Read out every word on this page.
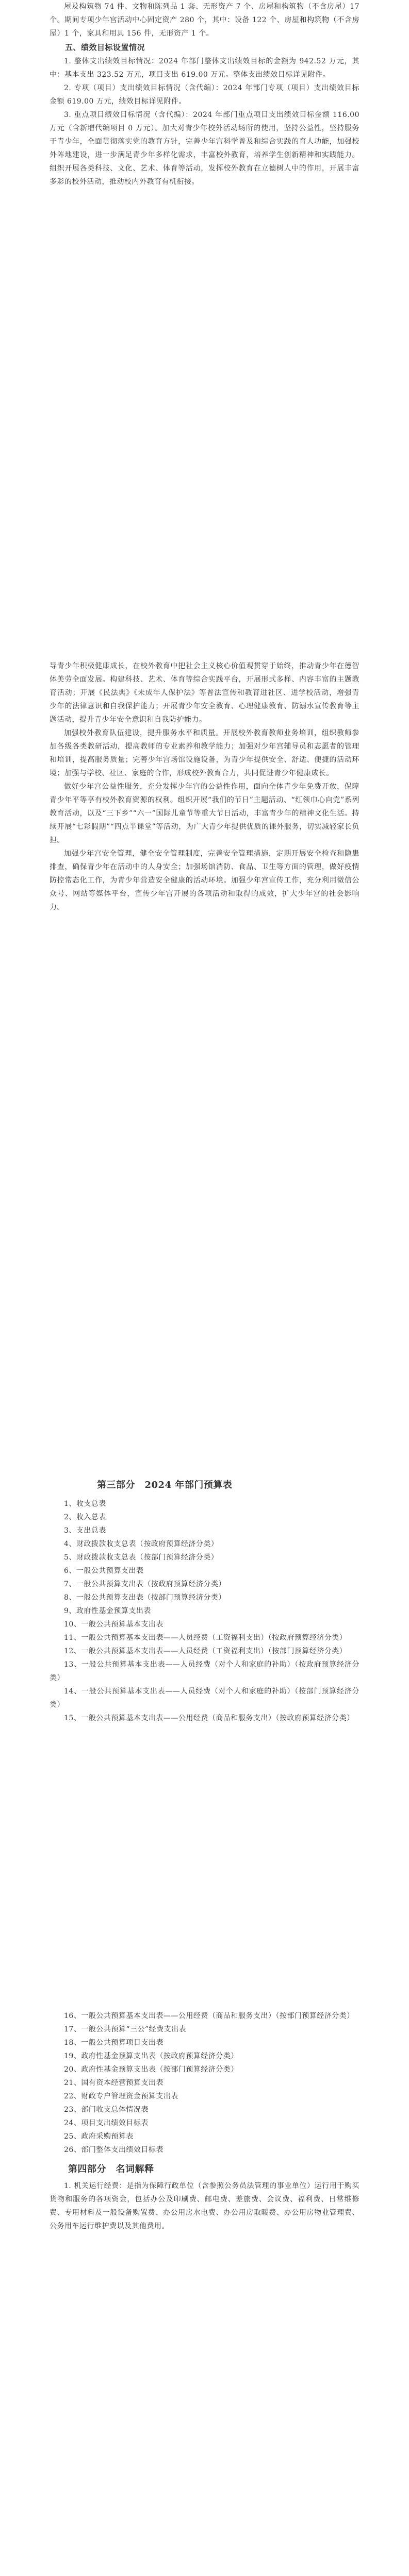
屋及构筑物 74 件、文物和陈列品 1 套、无形资产 7 个、房屋和构筑物（不含房屋）17 个。期间专项少年宫活动中心固定资产 280 个，其中：设备 122 个、房屋和构筑物（不含房屋）1 个，家具和用具 156 件，无形资产 1 个。

五、绩效目标设置情况

1. 整体支出绩效目标情况：2024 年部门整体支出绩效目标的金额为 942.52 万元，其中：基本支出 323.52 万元，项目支出 619.00 万元。整体支出绩效目标详见附件。

2. 专项（项目）支出绩效目标情况（含代编）：2024 年部门专项（项目）支出绩效目标金额 619.00 万元，绩效目标详见附件。

3. 重点项目绩效目标情况（含代编）：2024 年部门重点项目支出绩效目标金额 116.00 万元（含新增代编项目 0 万元）。加大对青少年校外活动场所的使用，坚持公益性，坚持服务于青少年，全面贯彻落实党的教育方针，完善少年宫科学普及和综合实践的育人功能，加强校外阵地建设，进一步满足青少年多样化需求，丰富校外教育，培养学生创新精神和实践能力。组织开展各类科技、文化、艺术、体育等活动，发挥校外教育在立德树人中的作用，开展丰富多彩的校外活动，推动校内外教育有机衔接。

导青少年积极健康成长，在校外教育中把社会主义核心价值观贯穿于始终，推动青少年在德智体美劳全面发展。构建科技、艺术、体育等综合实践平台，开展形式多样、内容丰富的主题教育活动；开展《民法典》《未成年人保护法》等普法宣传和教育进社区、进学校活动，增强青少年的法律意识和自我保护能力；开展青少年安全教育、心理健康教育、防溺水宣传教育等主题活动，提升青少年安全意识和自我防护能力。

加强校外教育队伍建设，提升服务水平和质量。开展校外教育教师业务培训，组织教师参加各级各类教研活动，提高教师的专业素养和教学能力；加强对少年宫辅导员和志愿者的管理和培训，提高服务质量；完善少年宫场馆设施设备，为青少年提供安全、舒适、便捷的活动环境；加强与学校、社区、家庭的合作，形成校外教育合力，共同促进青少年健康成长。

做好少年宫公益性服务，充分发挥少年宫的公益性作用，面向全体青少年免费开放，保障青少年平等享有校外教育资源的权利。组织开展“我们的节日”主题活动、“红领巾心向党”系列教育活动，以及“三下乡”“六一”国际儿童节等重大节日活动，丰富青少年的精神文化生活。持续开展“七彩假期”“四点半课堂”等活动，为广大青少年提供优质的课外服务，切实减轻家长负担。

加强少年宫安全管理，健全安全管理制度，完善安全管理措施，定期开展安全检查和隐患排查，确保青少年在活动中的人身安全；加强场馆消防、食品、卫生等方面的管理，做好疫情防控常态化工作，为青少年营造安全健康的活动环境。加强少年宫宣传工作，充分利用微信公众号、网站等媒体平台，宣传少年宫开展的各项活动和取得的成效，扩大少年宫的社会影响力。

第三部分　2024 年部门预算表

1、收支总表

2、收入总表

3、支出总表

4、财政拨款收支总表（按政府预算经济分类）

5、财政拨款收支总表（按部门预算经济分类）

6、一般公共预算支出表

7、一般公共预算支出表（按政府预算经济分类）

8、一般公共预算支出表（按部门预算经济分类）

9、政府性基金预算支出表

10、一般公共预算基本支出表

11、一般公共预算基本支出表——人员经费（工资福利支出）（按政府预算经济分类）

12、一般公共预算基本支出表——人员经费（工资福利支出）（按部门预算经济分类）

13、一般公共预算基本支出表——人员经费（对个人和家庭的补助）（按政府预算经济分类）

14、一般公共预算基本支出表——人员经费（对个人和家庭的补助）（按部门预算经济分类）

15、一般公共预算基本支出表——公用经费（商品和服务支出）（按政府预算经济分类）

16、一般公共预算基本支出表——公用经费（商品和服务支出）（按部门预算经济分类）

17、一般公共预算“三公”经费支出表

18、一般公共预算项目支出表

19、政府性基金预算支出表（按政府预算经济分类）

20、政府性基金预算支出表（按部门预算经济分类）

21、国有资本经营预算支出表

22、财政专户管理资金预算支出表

23、部门收支总体情况表

24、项目支出绩效目标表

25、政府采购预算表

26、部门整体支出绩效目标表

第四部分　名词解释

1. 机关运行经费：是指为保障行政单位（含参照公务员法管理的事业单位）运行用于购买货物和服务的各项资金，包括办公及印刷费、邮电费、差旅费、会议费、福利费、日常维修费、专用材料及一般设备购置费、办公用房水电费、办公用房取暖费、办公用房物业管理费、公务用车运行维护费以及其他费用。
